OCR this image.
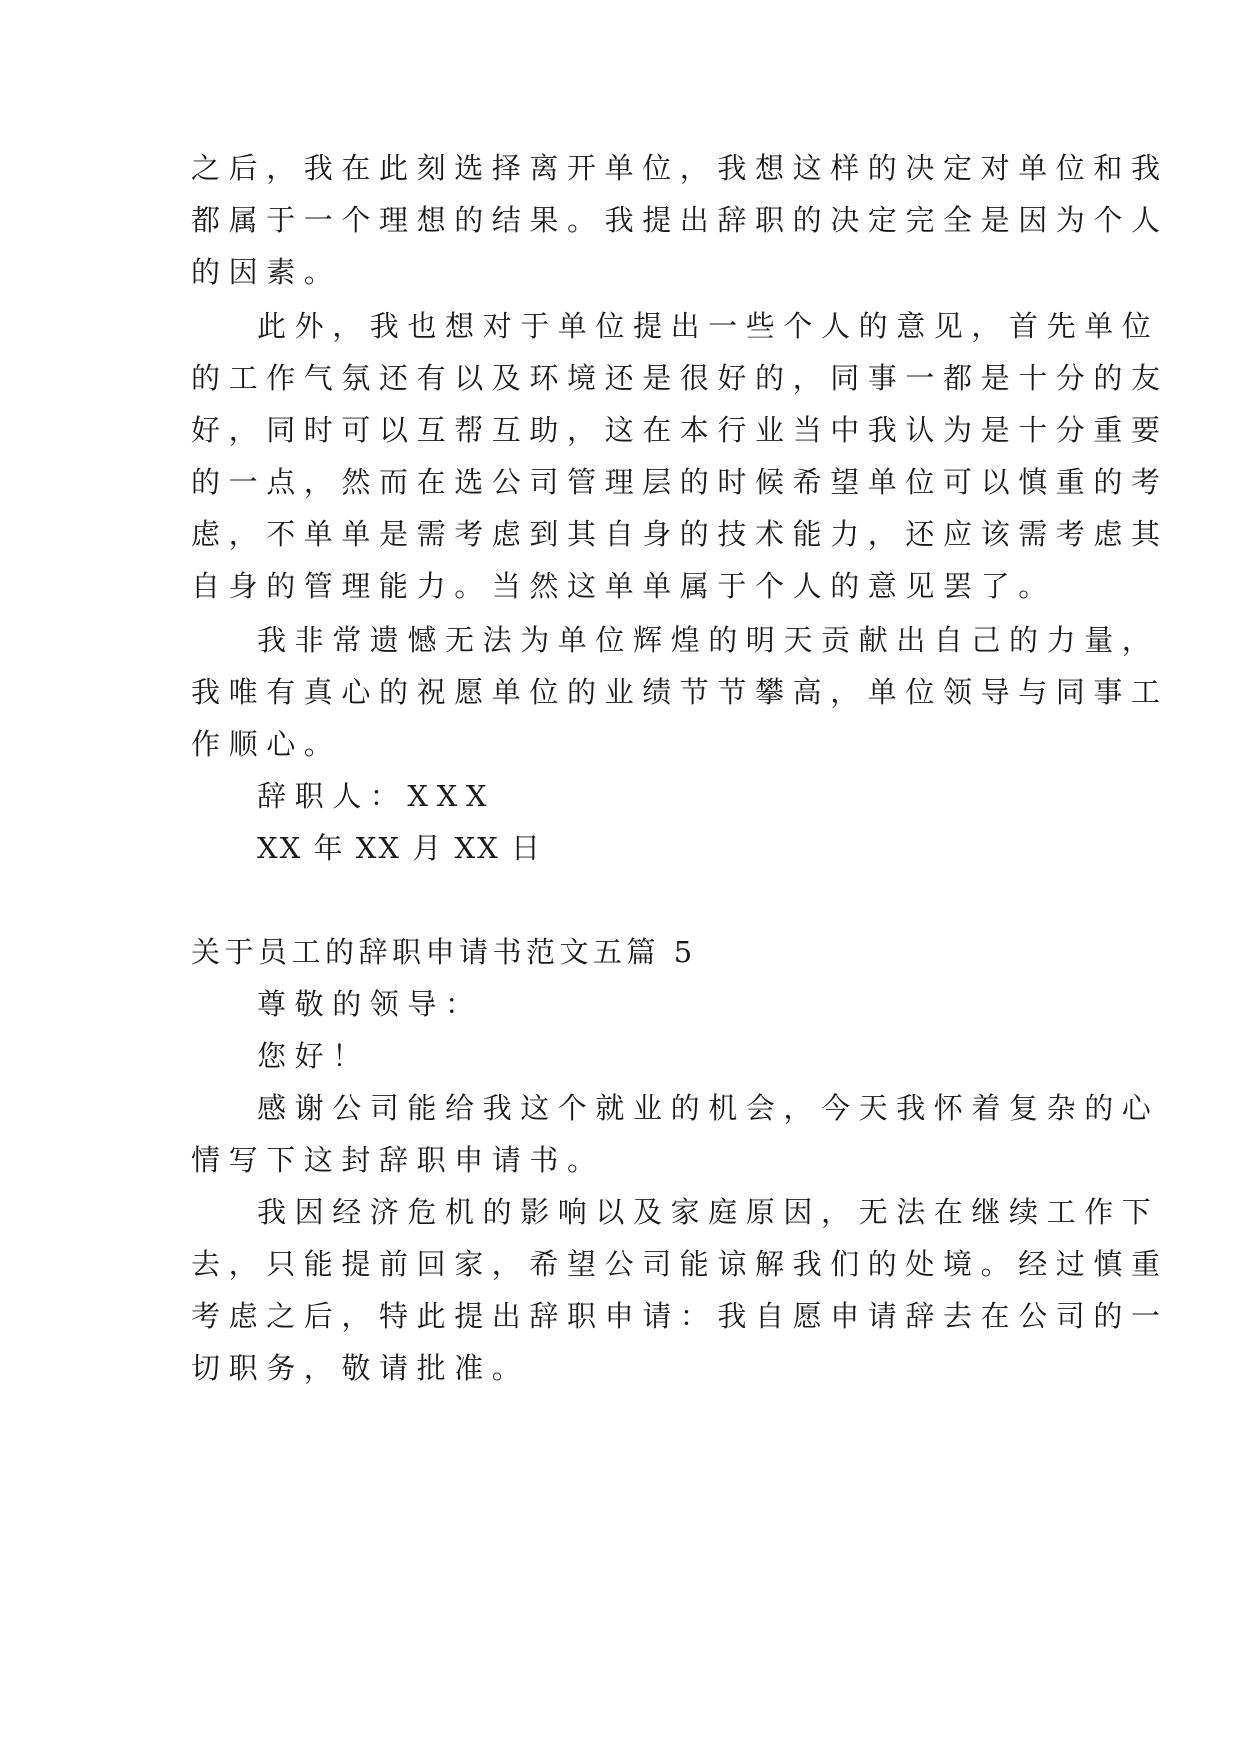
之后，我在此刻选择离开单位，我想这样的决定对单位和我
都属于一个理想的结果。我提出辞职的决定完全是因为个人
的因素。
此外，我也想对于单位提出一些个人的意见，首先单位
的工作气氛还有以及环境还是很好的，同事一都是十分的友
好，同时可以互帮互助，这在本行业当中我认为是十分重要
的一点，然而在选公司管理层的时候希望单位可以慎重的考
虑，不单单是需考虑到其自身的技术能力，还应该需考虑其
自身的管理能力。当然这单单属于个人的意见罢了。
我非常遗憾无法为单位辉煌的明天贡献出自己的力量，
我唯有真心的祝愿单位的业绩节节攀高，单位领导与同事工
作顺心。
辞职人：XXX
XX 年 XX 月 XX 日
关于员工的辞职申请书范文五篇 5
尊敬的领导：
您好！
感谢公司能给我这个就业的机会，今天我怀着复杂的心
情写下这封辞职申请书。
我因经济危机的影响以及家庭原因，无法在继续工作下
去，只能提前回家，希望公司能谅解我们的处境。经过慎重
考虑之后，特此提出辞职申请：我自愿申请辞去在公司的一
切职务，敬请批准。
